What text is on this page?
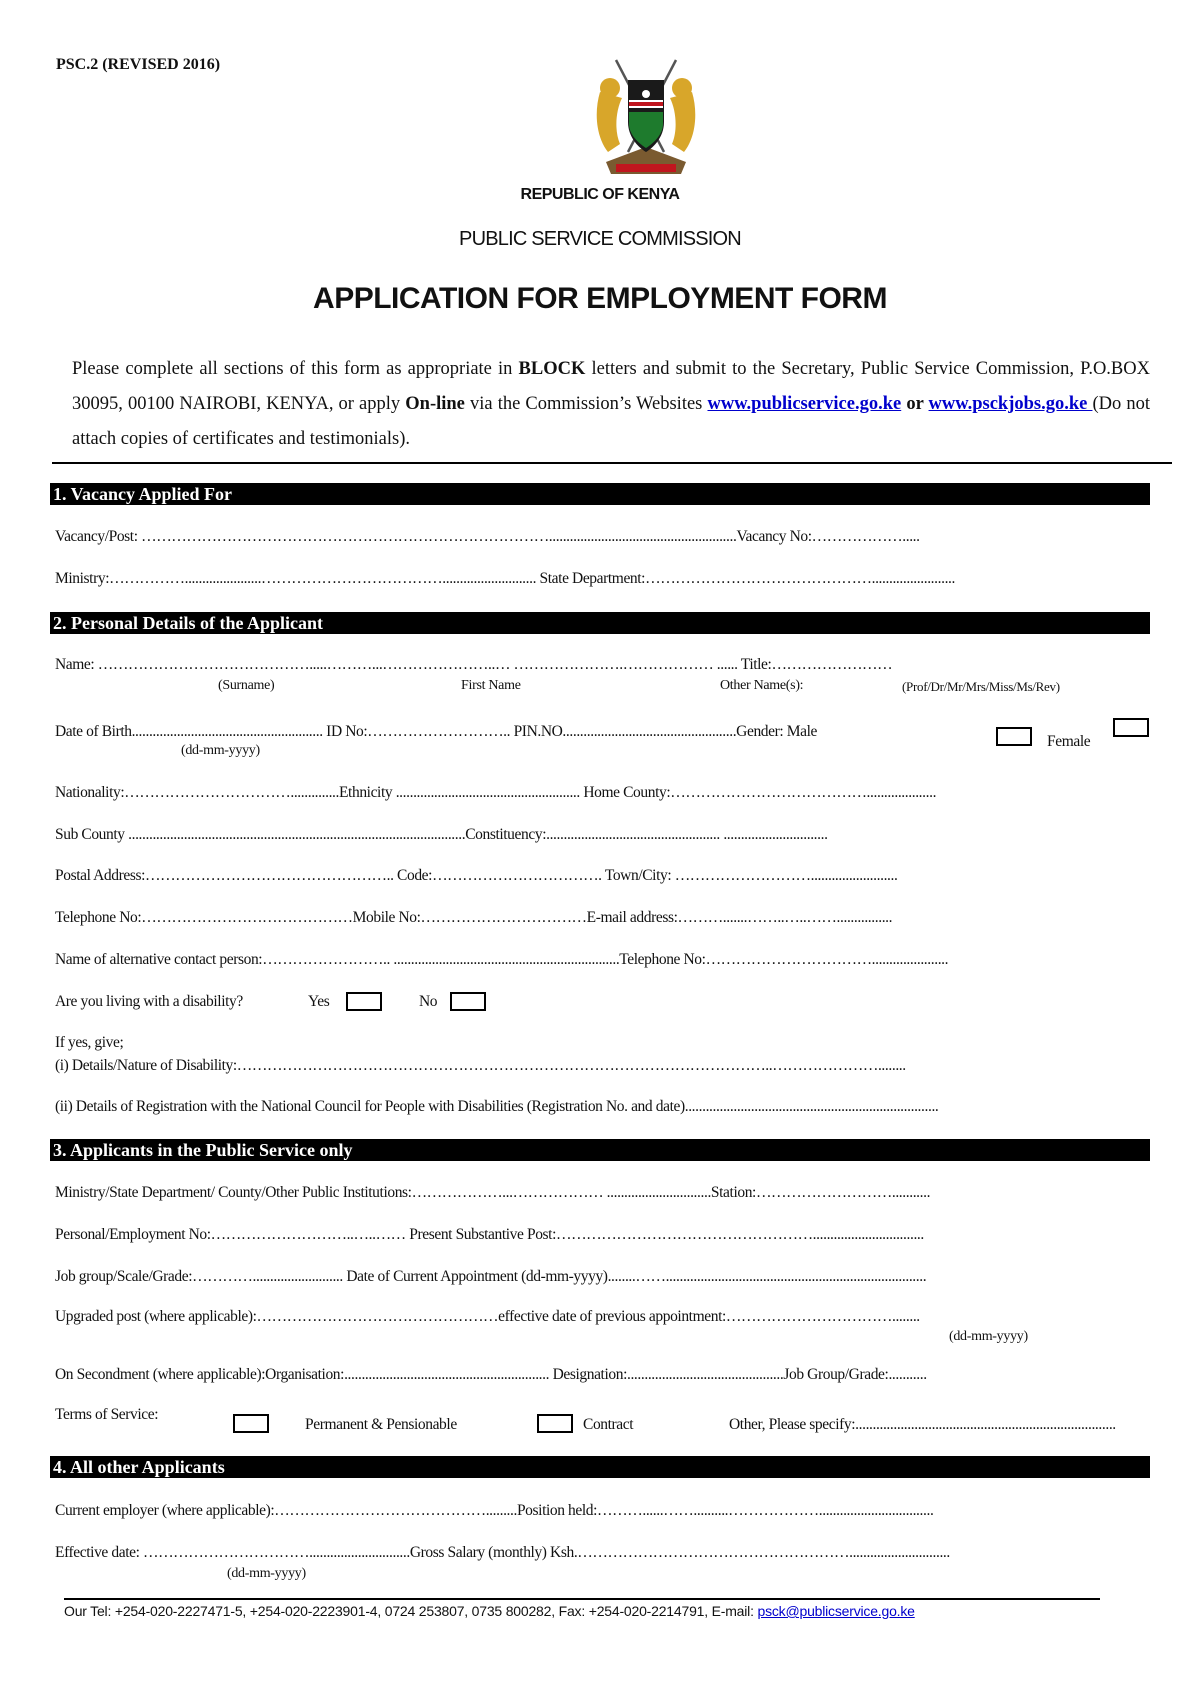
PSC.2 (REVISED 2016)
REPUBLIC OF KENYA
PUBLIC SERVICE COMMISSION
APPLICATION FOR EMPLOYMENT FORM
Please complete all sections of this form as appropriate in BLOCK letters and submit to the Secretary, Public Service Commission, P.O.BOX 30095, 00100 NAIROBI, KENYA, or apply On-line via the Commission’s Websites www.publicservice.go.ke or www.psckjobs.go.ke (Do not attach copies of certificates and testimonials).
1. Vacancy Applied For
Vacancy/Post: ………………………………………………………………………......................................................Vacancy No:……………….....
Ministry:……………......................………………………………........................... State Department:………………………………………........................
2. Personal Details of the Applicant
Name: …………………………………….....………...…………………..… ………………….……………… ...... Title:……………………
(Surname)	First Name	Other Name(s):	(Prof/Dr/Mr/Mrs/Miss/Ms/Rev)
Date of Birth....................................................... ID No:……………………….. PIN.NO..................................................Gender: Male
Female
(dd-mm-yyyy)
Nationality:……………………………..............Ethnicity ..................................................... Home County:…………………………………....................
Sub County .................................................................................................Constituency:.................................................. ..............................
Postal Address:………………………………………….. Code:……………………………. Town/City: ……………………….........................
Telephone No:……………………………………Mobile No:……………………………E-mail address:……….......……..…..……................
Name of alternative contact person:…………………….. .................................................................Telephone No:……………………………......................
Are you living with a disability?	Yes	No
If yes, give;
(i) Details/Nature of Disability:……………………………………………………………………………………………..…………………........
(ii) Details of Registration with the National Council for People with Disabilities (Registration No. and date).........................................................................
3. Applicants in the Public Service only
Ministry/State Department/ County/Other Public Institutions:………………...……………… ..............................Station:………………………...........
Personal/Employment No:………………………..…..…… Present Substantive Post:……………………………………………................................
Job group/Scale/Grade:………….......................... Date of Current Appointment (dd-mm-yyyy)........……...........................................................................
Upgraded post (where applicable):…………………………………………effective date of previous appointment:……………………………........
(dd-mm-yyyy)
On Secondment (where applicable):Organisation:........................................................... Designation:.............................................Job Group/Grade:...........
Terms of Service:
Permanent & Pensionable	Contract	Other, Please specify:...........................................................................
4. All other Applicants
Current employer (where applicable):…………………………………….........Position held:………......……..........……………….................................
Effective date: …………………………….............................Gross Salary (monthly) Ksh.……………………………………………….............................
(dd-mm-yyyy)
Our Tel: +254-020-2227471-5, +254-020-2223901-4, 0724 253807, 0735 800282, Fax: +254-020-2214791, E-mail: psck@publicservice.go.ke
